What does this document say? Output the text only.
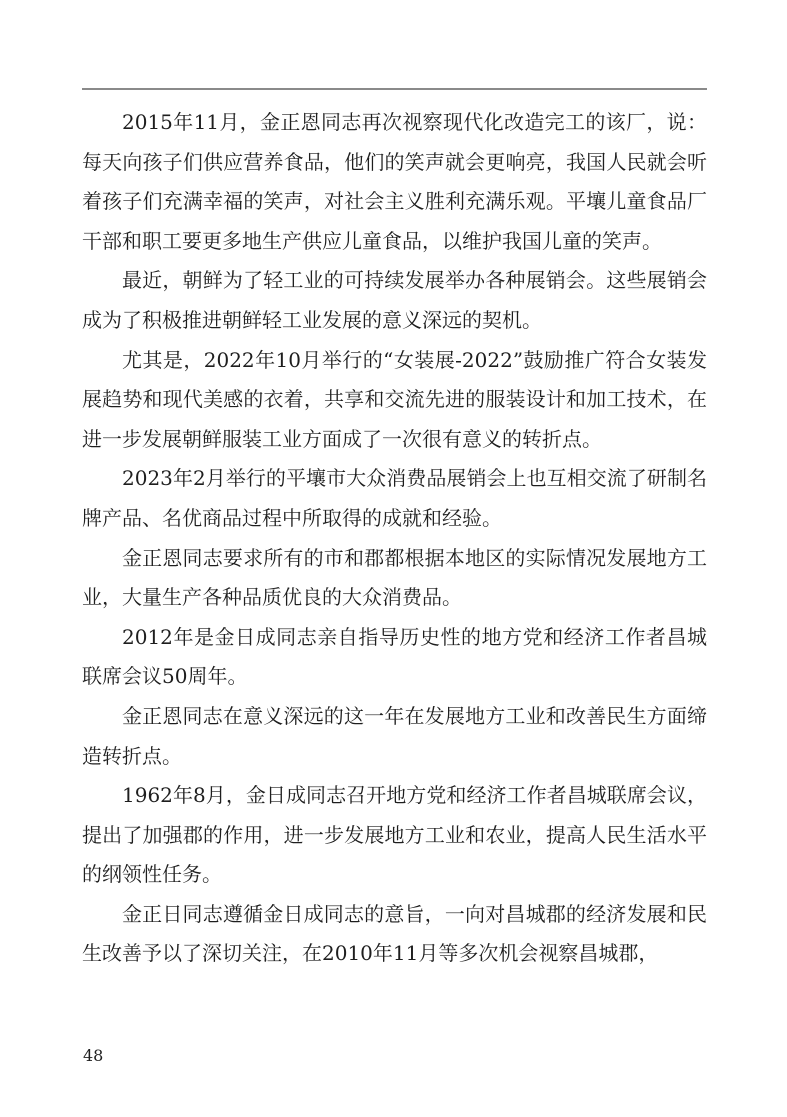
2015年11月，金正恩同志再次视察现代化改造完工的该厂，说：每天向孩子们供应营养食品，他们的笑声就会更响亮，我国人民就会听着孩子们充满幸福的笑声，对社会主义胜利充满乐观。平壤儿童食品厂干部和职工要更多地生产供应儿童食品，以维护我国儿童的笑声。

最近，朝鲜为了轻工业的可持续发展举办各种展销会。这些展销会成为了积极推进朝鲜轻工业发展的意义深远的契机。

尤其是，2022年10月举行的“女装展-2022”鼓励推广符合女装发展趋势和现代美感的衣着，共享和交流先进的服装设计和加工技术，在进一步发展朝鲜服装工业方面成了一次很有意义的转折点。

2023年2月举行的平壤市大众消费品展销会上也互相交流了研制名牌产品、名优商品过程中所取得的成就和经验。

金正恩同志要求所有的市和郡都根据本地区的实际情况发展地方工业，大量生产各种品质优良的大众消费品。

2012年是金日成同志亲自指导历史性的地方党和经济工作者昌城联席会议50周年。

金正恩同志在意义深远的这一年在发展地方工业和改善民生方面缔造转折点。

1962年8月，金日成同志召开地方党和经济工作者昌城联席会议，提出了加强郡的作用，进一步发展地方工业和农业，提高人民生活水平的纲领性任务。

金正日同志遵循金日成同志的意旨，一向对昌城郡的经济发展和民生改善予以了深切关注，在2010年11月等多次机会视察昌城郡，

48
